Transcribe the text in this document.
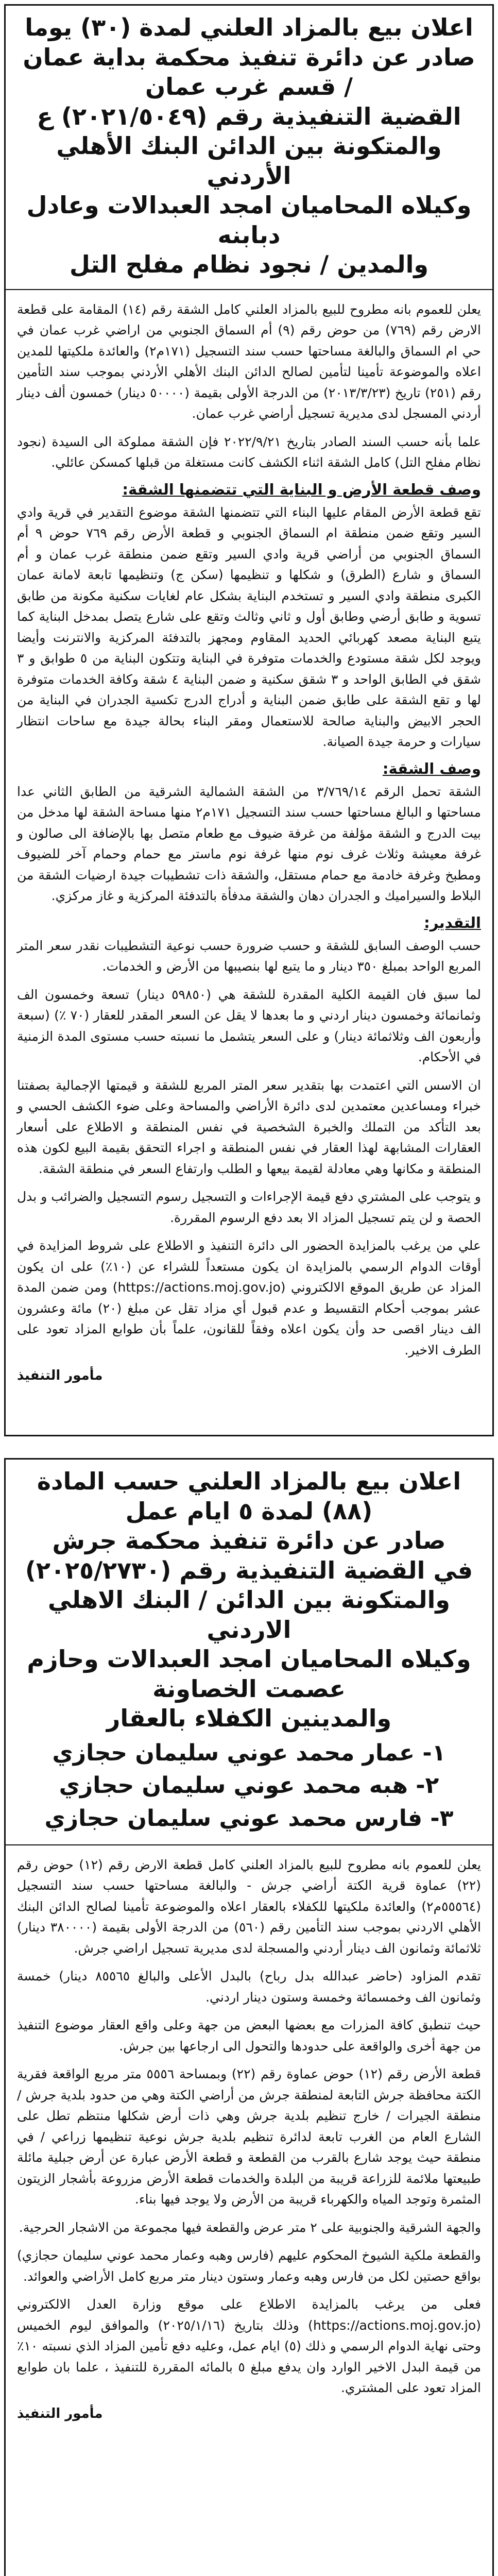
اعلان بيع بالمزاد العلني لمدة (٣٠) يوما
صادر عن دائرة تنفيذ محكمة بداية عمان / قسم غرب عمان
القضية التنفيذية رقم (٢٠٢١/٥٠٤٩) ع
والمتكونة بين الدائن البنك الأهلي الأردني
وكيلاه المحاميان امجد العبدالات وعادل دبابنه
والمدين / نجود نظام مفلح التل

يعلن للعموم بانه مطروح للبيع بالمزاد العلني كامل الشقة رقم (١٤) المقامة على قطعة الارض رقم (٧٦٩) من حوض رقم (٩) أم السماق الجنوبي من اراضي غرب عمان في حي ام السماق والبالغة مساحتها حسب سند التسجيل (١٧١م٢) والعائدة ملكيتها للمدين اعلاه والموضوعة تأمينا لتأمين لصالح الدائن البنك الأهلي الأردني بموجب سند التأمين رقم (٢٥١) تاريخ (٢٠١٣/٣/٢٣) من الدرجة الأولى بقيمة (٥٠٠٠٠ دينار) خمسون ألف دينار أردني المسجل لدى مديرية تسجيل أراضي غرب عمان.

علما بأنه حسب السند الصادر بتاريخ ٢٠٢٢/٩/٢١ فإن الشقة مملوكة الى السيدة (نجود نظام مفلح التل) كامل الشقة اثناء الكشف كانت مستغلة من قبلها كمسكن عائلي.

وصف قطعة الأرض و البناية التي تتضمنها الشقة:

تقع قطعة الأرض المقام عليها البناء التي تتضمنها الشقة موضوع التقدير في قرية وادي السير وتقع ضمن منطقة ام السماق الجنوبي و قطعة الأرض رقم ٧٦٩ حوض ٩ أم السماق الجنوبي من أراضي قرية وادي السير وتقع ضمن منطقة غرب عمان و أم السماق و شارع (الطرق) و شكلها و تنظيمها (سكن ج) وتنظيمها تابعة لامانة عمان الكبرى منطقة وادي السير و تستخدم البناية بشكل عام لغايات سكنية مكونة من طابق تسوية و طابق أرضي وطابق أول و ثاني وثالث وتقع على شارع يتصل بمدخل البناية كما يتبع البناية مصعد كهربائي الحديد المقاوم ومجهز بالتدفئة المركزية والانترنت وأيضا ويوجد لكل شقة مستودع والخدمات متوفرة في البناية وتتكون البناية من ٥ طوابق و ٣ شقق في الطابق الواحد و ٣ شقق سكنية و ضمن البناية ٤ شقة وكافة الخدمات متوفرة لها و تقع الشقة على طابق ضمن البناية و أدراج الدرج تكسية الجدران في البناية من الحجر الابيض والبناية صالحة للاستعمال ومقر البناء بحالة جيدة مع ساحات انتظار سيارات و حرمة جيدة الصيانة.

وصف الشقة:

الشقة تحمل الرقم ٣/٧٦٩/١٤ من الشقة الشمالية الشرقية من الطابق الثاني عدا مساحتها و البالغ مساحتها حسب سند التسجيل ١٧١م٢ منها مساحة الشقة لها مدخل من بيت الدرج و الشقة مؤلفة من غرفة ضيوف مع طعام متصل بها بالإضافة الى صالون و غرفة معيشة وثلاث غرف نوم منها غرفة نوم ماستر مع حمام وحمام آخر للضيوف ومطبخ وغرفة خادمة مع حمام مستقل، والشقة ذات تشطيبات جيدة ارضيات الشقة من البلاط والسيراميك و الجدران دهان والشقة مدفأة بالتدفئة المركزية و غاز مركزي.

التقدير:

حسب الوصف السابق للشقة و حسب ضرورة حسب نوعية التشطيبات نقدر سعر المتر المربع الواحد بمبلغ ٣٥٠ دينار و ما يتبع لها بنصيبها من الأرض و الخدمات.

لما سبق فان القيمة الكلية المقدرة للشقة هي (٥٩٨٥٠ دينار) تسعة وخمسون الف وثمانمائة وخمسون دينار اردني و ما بعدها لا يقل عن السعر المقدر للعقار (٧٠ ٪) (سبعة وأربعون الف وثلاثمائة دينار) و على السعر يتشمل ما نسبته حسب مستوى المدة الزمنية في الأحكام.

ان الاسس التي اعتمدت بها بتقدير سعر المتر المربع للشقة و قيمتها الإجمالية بصفتنا خبراء ومساعدين معتمدين لدى دائرة الأراضي والمساحة وعلى ضوء الكشف الحسي و بعد التأكد من التملك والخبرة الشخصية في نفس المنطقة و الاطلاع على أسعار العقارات المشابهة لهذا العقار في نفس المنطقة و اجراء التحقق بقيمة البيع لكون هذه المنطقة و مكانها وهي معادلة لقيمة بيعها و الطلب وارتفاع السعر في منطقة الشقة.

و يتوجب على المشتري دفع قيمة الإجراءات و التسجيل رسوم التسجيل والضرائب و بدل الحصة و لن يتم تسجيل المزاد الا بعد دفع الرسوم المقررة.

علي من يرغب بالمزايدة الحضور الى دائرة التنفيذ و الاطلاع على شروط المزايدة في أوقات الدوام الرسمي بالمزايدة ان يكون مستعداً للشراء عن (١٠٪) على ان يكون المزاد عن طريق الموقع الالكتروني (https://actions.moj.gov.jo) ومن ضمن المدة عشر بموجب أحكام التقسيط و عدم قبول أي مزاد تقل عن مبلغ (٢٠) مائة وعشرون الف دينار اقصى حد وأن يكون اعلاه وفقاً للقانون، علماً بأن طوابع المزاد تعود على الطرف الاخير.

مأمور التنفيذ
اعلان بيع بالمزاد العلني حسب المادة (٨٨) لمدة ٥ ايام عمل
صادر عن دائرة تنفيذ محكمة جرش
في القضية التنفيذية رقم (٢٠٢٥/٢٧٣٠)
والمتكونة بين الدائن / البنك الاهلي الاردني
وكيلاه المحاميان امجد العبدالات وحازم عصمت الخصاونة
والمدينين الكفلاء بالعقار
١- عمار محمد عوني سليمان حجازي
٢- هبه محمد عوني سليمان حجازي
٣- فارس محمد عوني سليمان حجازي

يعلن للعموم بانه مطروح للبيع بالمزاد العلني كامل قطعة الارض رقم (١٢) حوض رقم (٢٢) عماوة قرية الكتة أراضي جرش - والبالغة مساحتها حسب سند التسجيل (٥٥٥٦٤م٢) والعائدة ملكيتها للكفلاء بالعقار اعلاه والموضوعة تأمينا لصالح الدائن البنك الأهلي الاردني بموجب سند التأمين رقم (٥٦٠) من الدرجة الأولى بقيمة (٣٨٠٠٠٠ دينار) ثلاثمائة وثمانون الف دينار أردني والمسجلة لدى مديرية تسجيل اراضي جرش.

تقدم المزاود (حاضر عبدالله بدل رباح) بالبدل الأعلى والبالغ ٨٥٥٦٥ دينار) خمسة وثمانون الف وخمسمائة وخمسة وستون دينار اردني.

حيث تنطبق كافة المزرات مع بعضها البعض من جهة وعلى واقع العقار موضوع التنفيذ من جهة أخرى والواقعة على حدودها والتحول الى ارجاعها بين جرش.

قطعة الأرض رقم (١٢) حوض عماوة رقم (٢٢) وبمساحة ٥٥٥٦ متر مربع الواقعة فقرية الكتة محافظة جرش التابعة لمنطقة جرش من أراضي الكتة وهي من حدود بلدية جرش / منطقة الجيرات / خارج تنظيم بلدية جرش وهي ذات أرض شكلها منتظم تطل على الشارع العام من الغرب تابعة لدائرة تنظيم بلدية جرش نوعية تنظيمها زراعي / في منطقة حيث يوجد شارع بالقرب من القطعة و قطعة الأرض عبارة عن أرض جبلية مائلة طبيعتها ملائمة للزراعة قريبة من البلدة والخدمات قطعة الأرض مزروعة بأشجار الزيتون المثمرة وتوجد المياه والكهرباء قريبة من الأرض ولا يوجد فيها بناء.

والجهة الشرقية والجنوبية على ٢ متر عرض والقطعة فيها مجموعة من الاشجار الحرجية.

والقطعة ملكية الشيوخ المحكوم عليهم (فارس وهبه وعمار محمد عوني سليمان حجازي) بواقع حصتين لكل من فارس وهبه وعمار وستون دينار متر مربع كامل الأراضي والعوائد.

فعلى من يرغب بالمزايدة الاطلاع على موقع وزارة العدل الالكتروني (https://actions.moj.gov.jo) وذلك بتاريخ (٢٠٢٥/١/١٦) والموافق ليوم الخميس وحتى نهاية الدوام الرسمي و ذلك (٥) ايام عمل، وعليه دفع تأمين المزاد الذي نسبته ١٠٪ من قيمة البدل الاخير الوارد وان يدفع مبلغ ٥ بالمائه المقررة للتنفيذ ، علما بان طوابع المزاد تعود على المشتري.

مأمور التنفيذ
